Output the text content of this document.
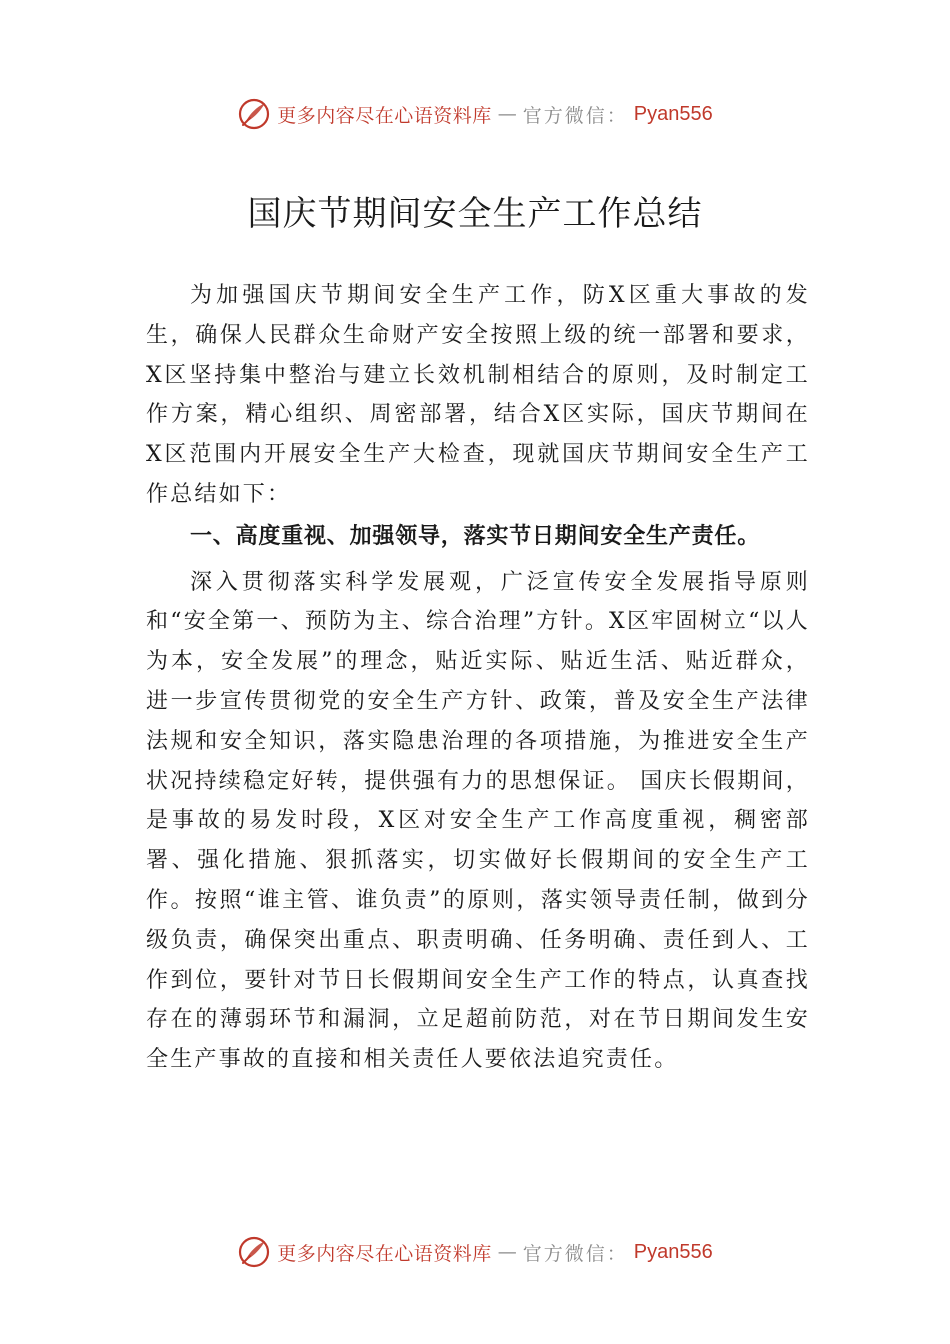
更多内容尽在心语资料库 — 官方微信： Pyan556
国庆节期间安全生产工作总结

为加强国庆节期间安全生产工作，防X区重大事故的发生，确保人民群众生命财产安全按照上级的统一部署和要求，X区坚持集中整治与建立长效机制相结合的原则，及时制定工作方案，精心组织、周密部署，结合X区实际，国庆节期间在X区范围内开展安全生产大检查，现就国庆节期间安全生产工作总结如下：

一、高度重视、加强领导，落实节日期间安全生产责任。

深入贯彻落实科学发展观，广泛宣传安全发展指导原则和“安全第一、预防为主、综合治理”方针。X区牢固树立“以人为本，安全发展”的理念，贴近实际、贴近生活、贴近群众，进一步宣传贯彻党的安全生产方针、政策，普及安全生产法律法规和安全知识，落实隐患治理的各项措施，为推进安全生产状况持续稳定好转，提供强有力的思想保证。 国庆长假期间，是事故的易发时段，X区对安全生产工作高度重视，稠密部署、强化措施、狠抓落实，切实做好长假期间的安全生产工作。按照“谁主管、谁负责”的原则，落实领导责任制，做到分级负责，确保突出重点、职责明确、任务明确、责任到人、工作到位，要针对节日长假期间安全生产工作的特点，认真查找存在的薄弱环节和漏洞，立足超前防范，对在节日期间发生安全生产事故的直接和相关责任人要依法追究责任。

更多内容尽在心语资料库 — 官方微信： Pyan556
